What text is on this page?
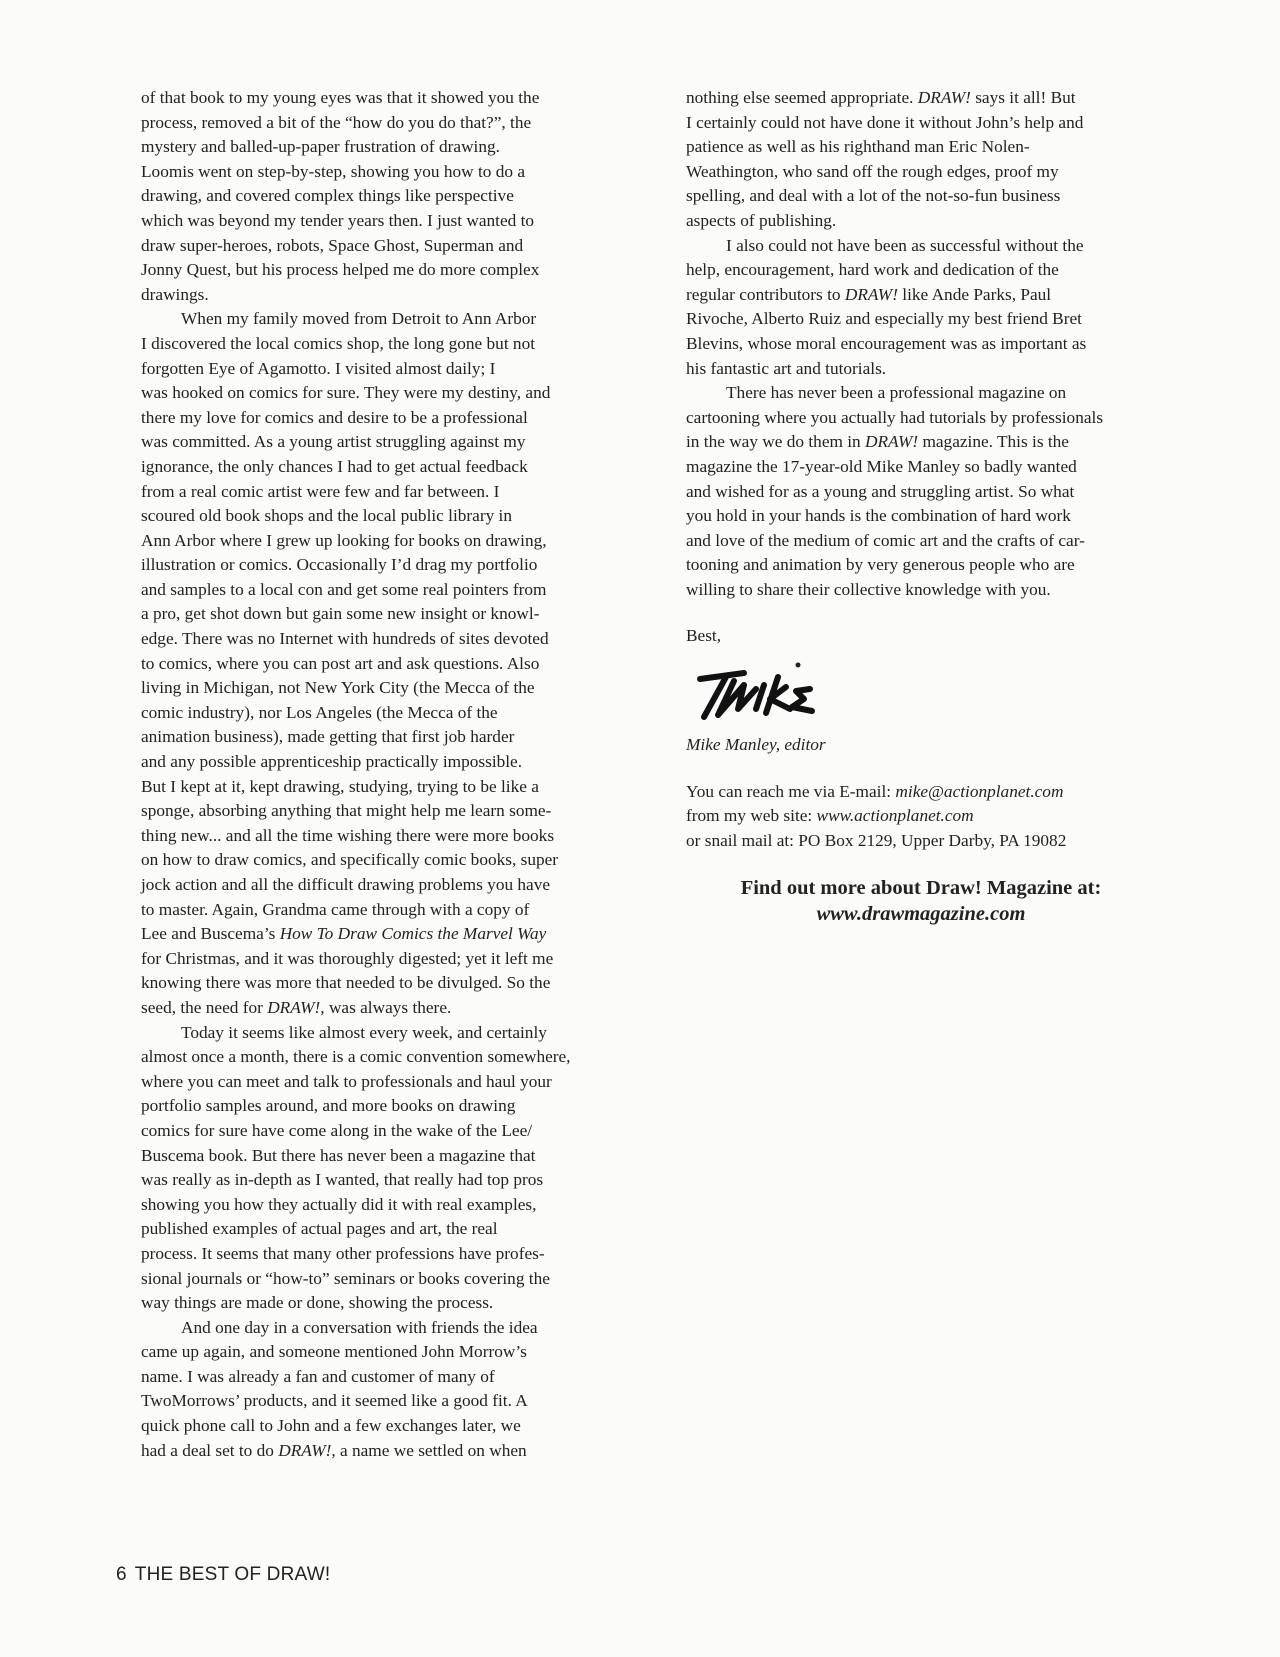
of that book to my young eyes was that it showed you the
process, removed a bit of the “how do you do that?”, the
mystery and balled-up-paper frustration of drawing.
Loomis went on step-by-step, showing you how to do a
drawing, and covered complex things like perspective
which was beyond my tender years then. I just wanted to
draw super-heroes, robots, Space Ghost, Superman and
Jonny Quest, but his process helped me do more complex
drawings.
When my family moved from Detroit to Ann Arbor
I discovered the local comics shop, the long gone but not
forgotten Eye of Agamotto. I visited almost daily; I
was hooked on comics for sure. They were my destiny, and
there my love for comics and desire to be a professional
was committed. As a young artist struggling against my
ignorance, the only chances I had to get actual feedback
from a real comic artist were few and far between. I
scoured old book shops and the local public library in
Ann Arbor where I grew up looking for books on drawing,
illustration or comics. Occasionally I’d drag my portfolio
and samples to a local con and get some real pointers from
a pro, get shot down but gain some new insight or knowl-
edge. There was no Internet with hundreds of sites devoted
to comics, where you can post art and ask questions. Also
living in Michigan, not New York City (the Mecca of the
comic industry), nor Los Angeles (the Mecca of the
animation business), made getting that first job harder
and any possible apprenticeship practically impossible.
But I kept at it, kept drawing, studying, trying to be like a
sponge, absorbing anything that might help me learn some-
thing new... and all the time wishing there were more books
on how to draw comics, and specifically comic books, super
jock action and all the difficult drawing problems you have
to master. Again, Grandma came through with a copy of
Lee and Buscema’s How To Draw Comics the Marvel Way
for Christmas, and it was thoroughly digested; yet it left me
knowing there was more that needed to be divulged. So the
seed, the need for DRAW!, was always there.
Today it seems like almost every week, and certainly
almost once a month, there is a comic convention somewhere,
where you can meet and talk to professionals and haul your
portfolio samples around, and more books on drawing
comics for sure have come along in the wake of the Lee/
Buscema book. But there has never been a magazine that
was really as in-depth as I wanted, that really had top pros
showing you how they actually did it with real examples,
published examples of actual pages and art, the real
process. It seems that many other professions have profes-
sional journals or “how-to” seminars or books covering the
way things are made or done, showing the process.
And one day in a conversation with friends the idea
came up again, and someone mentioned John Morrow’s
name. I was already a fan and customer of many of
TwoMorrows’ products, and it seemed like a good fit. A
quick phone call to John and a few exchanges later, we
had a deal set to do DRAW!, a name we settled on when
nothing else seemed appropriate. DRAW! says it all! But
I certainly could not have done it without John’s help and
patience as well as his righthand man Eric Nolen-
Weathington, who sand off the rough edges, proof my
spelling, and deal with a lot of the not-so-fun business
aspects of publishing.
I also could not have been as successful without the
help, encouragement, hard work and dedication of the
regular contributors to DRAW! like Ande Parks, Paul
Rivoche, Alberto Ruiz and especially my best friend Bret
Blevins, whose moral encouragement was as important as
his fantastic art and tutorials.
There has never been a professional magazine on
cartooning where you actually had tutorials by professionals
in the way we do them in DRAW! magazine. This is the
magazine the 17-year-old Mike Manley so badly wanted
and wished for as a young and struggling artist. So what
you hold in your hands is the combination of hard work
and love of the medium of comic art and the crafts of car-
tooning and animation by very generous people who are
willing to share their collective knowledge with you.
Best,
Mike Manley, editor
You can reach me via E-mail: mike@actionplanet.com
from my web site: www.actionplanet.com
or snail mail at: PO Box 2129, Upper Darby, PA 19082
Find out more about Draw! Magazine at:
www.drawmagazine.com
6 THE BEST OF DRAW!
